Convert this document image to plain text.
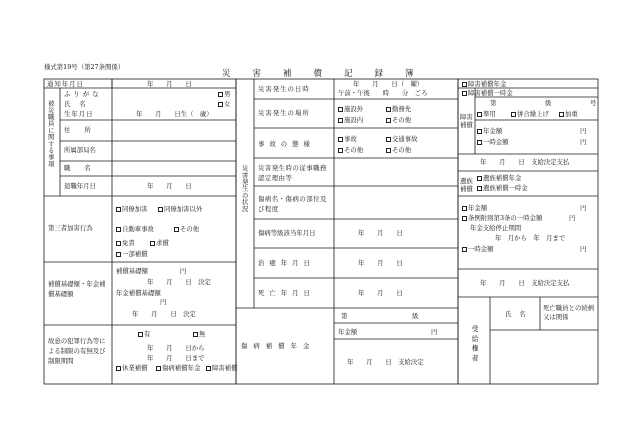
様式第19号（第27条関係）
災害補償記録簿
通知年月日	年　　月　　日
被災職員に関する事項
ふりがな
氏名
生年月日
男
女
年　　月　　日生（　歳）
住所
所属部局名
職名
退職年月日	年　　月　　日
第三者加害行為
同僚加害	同僚加害以外
自動車事故	その他
免責	求償
一部補償
補償基礎額・年金補償基礎額
補償基礎額　　　　　円
年　　月　　日　決定
年金補償基礎額
円
年　　月　　日　決定
故意の犯罪行為等による制限の有無及び制限期間
有	無
年　　月　　日から
年　　月　　日まで
休業補償	傷病補償年金	障害補償
災害発生の状況
災害発生の日時
年　　月　　日（　曜）
午前・午後　　時　　分　ごろ
災害発生の場所	施設外	勤務先
施設内	その他
事故の態様
事故	交通事故
その他	その他
災害発生時の従事職務認定理由等
傷病名・傷病の部位及び程度
傷病等級該当年月日	年　　月　　日
治癒年月日	年　　月　　日
死亡年月日	年　　月　　日
傷病補償年金
第	級
年金額	円
年　　月　　日　支給決定
障害補償年金
障害補償一時金
障害補償
第	級	号
準用	併合繰上げ	加重
年金額	円
一時金額	円
年　　月　　日　支給決定支払
遺族補償
遺族補償年金
遺族補償一時金
年金額	円
条例附則第3条の一時金額	円
年金支給停止期間
年　月から　年　月まで
一時金額	円
年　　月　　日　支給決定支払
受給権者
氏名
死亡職員との続柄又は関係
